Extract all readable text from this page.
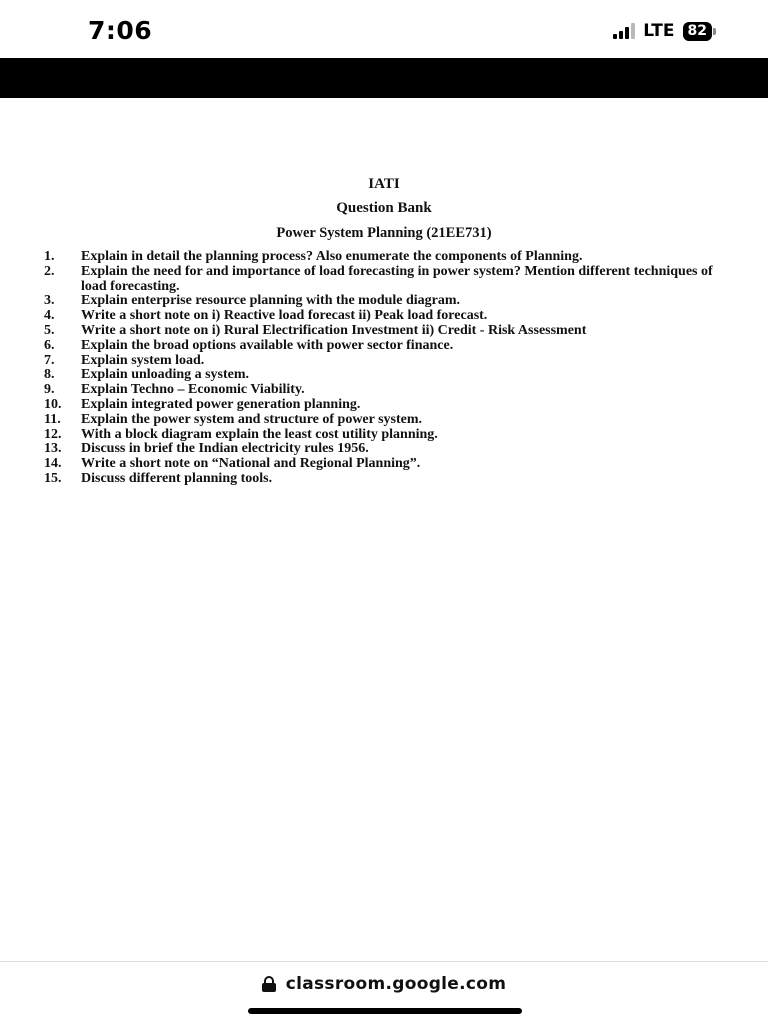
7:06	LTE 82
IATI
Question Bank
Power System Planning (21EE731)
1.	Explain in detail the planning process? Also enumerate the components of Planning.
2.	Explain the need for and importance of load forecasting in power system? Mention different techniques of load forecasting.
3.	Explain enterprise resource planning with the module diagram.
4.	Write a short note on i) Reactive load forecast ii) Peak load forecast.
5.	Write a short note on i) Rural Electrification Investment ii) Credit - Risk Assessment
6.	Explain the broad options available with power sector finance.
7.	Explain system load.
8.	Explain unloading a system.
9.	Explain Techno – Economic Viability.
10.	Explain integrated power generation planning.
11.	Explain the power system and structure of power system.
12.	With a block diagram explain the least cost utility planning.
13.	Discuss in brief the Indian electricity rules 1956.
14.	Write a short note on “National and Regional Planning”.
15.	Discuss different planning tools.
classroom.google.com
